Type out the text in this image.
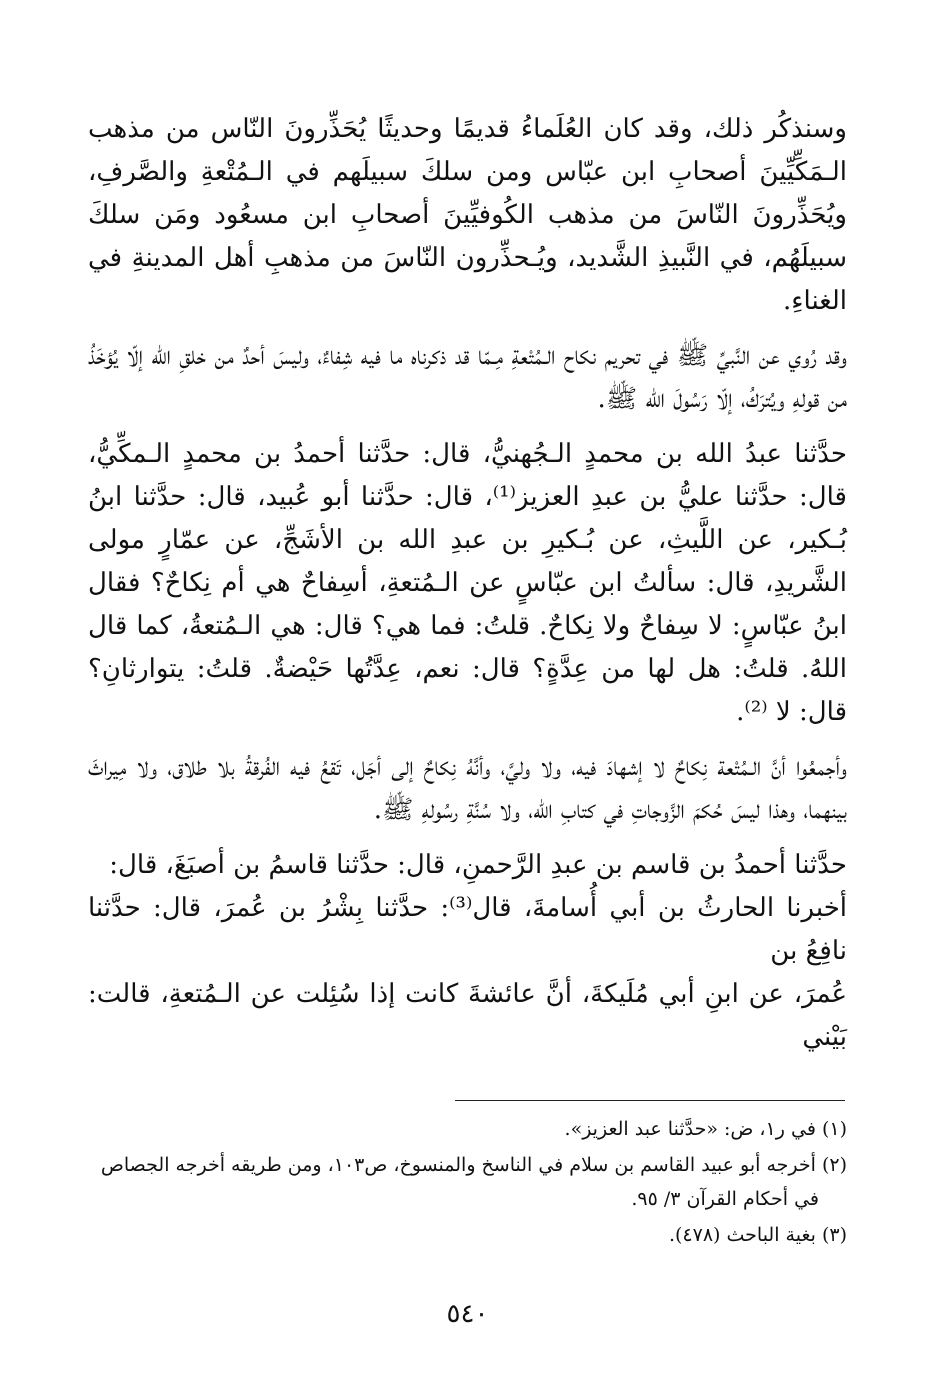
وسنذكُر ذلك، وقد كان العُلَماءُ قديمًا وحديثًا يُحَذِّرونَ النّاس من مذهب الـمَكِّيِّينَ أصحابِ ابن عبّاس ومن سلكَ سبيلَهم في الـمُتْعةِ والصَّرفِ، ويُحَذِّرونَ النّاسَ من مذهب الكُوفيِّينَ أصحابِ ابن مسعُود ومَن سلكَ سبيلَهُم، في النَّبيذِ الشَّديد، ويُـحذِّرون النّاسَ من مذهبِ أهل المدينةِ في الغناءِ.

وقد رُوي عن النَّبيِّ ﷺ في تحريم نكاح الـمُتْعةِ مِـمّا قد ذكرناه ما فيه شِفاءٌ، وليسَ أحدٌ من خلقِ الله إلّا يُؤخَذُ من قولهِ ويُترَكُ، إلّا رَسُولَ الله ﷺ.

حدَّثنا عبدُ الله بن محمدٍ الـجُهنيُّ، قال: حدَّثنا أحمدُ بن محمدٍ الـمكِّيُّ، قال: حدَّثنا عليُّ بن عبدِ العزيز⁽¹⁾، قال: حدَّثنا أبو عُبيد، قال: حدَّثنا ابنُ بُـكير، عن اللَّيثِ، عن بُـكيرِ بن عبدِ الله بن الأشَجِّ، عن عمّارٍ مولى الشَّريدِ، قال: سألتُ ابن عبّاسٍ عن الـمُتعةِ، أسِفاحٌ هي أم نِكاحٌ؟ فقال ابنُ عبّاسٍ: لا سِفاحٌ ولا نِكاحٌ. قلتُ: فما هي؟ قال: هي الـمُتعةُ، كما قال اللهُ. قلتُ: هل لها من عِدَّةٍ؟ قال: نعم، عِدَّتُها حَيْضةٌ. قلتُ: يتوارثانِ؟ قال: لا ⁽²⁾.

وأجمعُوا أنَّ الـمُتْعة نِكاحٌ لا إشهادَ فيه، ولا وليَّ، وأنَّهُ نِكاحٌ إلى أجَل، تَقعُ فيه الفُرقةُ بلا طلاق، ولا مِيراثَ بينهما، وهذا ليسَ حُكمَ الزَّوجاتِ في كتابِ الله، ولا سُنَّةِ رسُولهِ ﷺ.

حدَّثنا أحمدُ بن قاسم بن عبدِ الرَّحمنِ، قال: حدَّثنا قاسمُ بن أصبَغَ، قال:
أخبرنا الحارثُ بن أبي أُسامةَ، قال⁽³⁾: حدَّثنا بِشْرُ بن عُمرَ، قال: حدَّثنا نافِعُ بن
عُمرَ، عن ابنِ أبي مُلَيكةَ، أنَّ عائشةَ كانت إذا سُئِلت عن الـمُتعةِ، قالت: بَيْني
(١) في ر١، ض: «حدَّثنا عبد العزيز».
(٢) أخرجه أبو عبيد القاسم بن سلام في الناسخ والمنسوخ، ص١٠٣، ومن طريقه أخرجه الجصاص
في أحكام القرآن ٣/ ٩٥.
(٣) بغية الباحث (٤٧٨).
٥٤٠
